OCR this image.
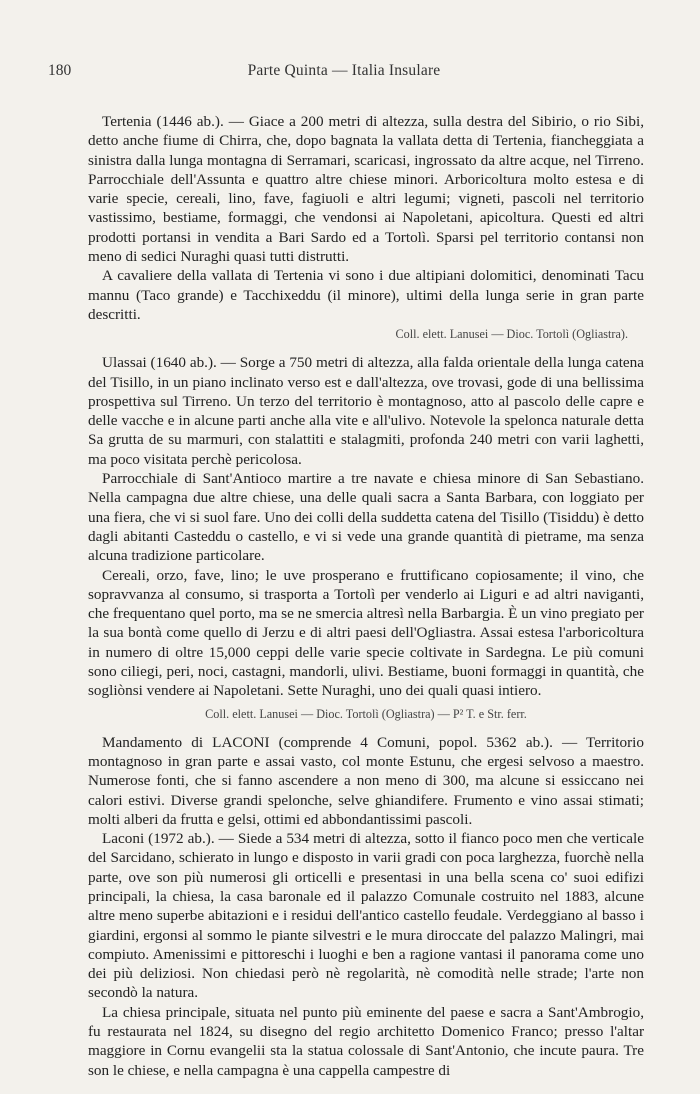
180	Parte Quinta — Italia Insulare

Tertenia (1446 ab.). — Giace a 200 metri di altezza, sulla destra del Sibirio, o rio Sibi, detto anche fiume di Chirra, che, dopo bagnata la vallata detta di Tertenia, fiancheggiata a sinistra dalla lunga montagna di Serramari, scaricasi, ingrossato da altre acque, nel Tirreno. Parrocchiale dell'Assunta e quattro altre chiese minori. Arboricoltura molto estesa e di varie specie, cereali, lino, fave, fagiuoli e altri legumi; vigneti, pascoli nel territorio vastissimo, bestiame, formaggi, che vendonsi ai Napoletani, apicoltura. Questi ed altri prodotti portansi in vendita a Bari Sardo ed a Tortolì. Sparsi pel territorio contansi non meno di sedici Nuraghi quasi tutti distrutti.

A cavaliere della vallata di Tertenia vi sono i due altipiani dolomitici, denominati Tacu mannu (Taco grande) e Tacchixeddu (il minore), ultimi della lunga serie in gran parte descritti.

Coll. elett. Lanusei — Dioc. Tortolì (Ogliastra).

Ulassai (1640 ab.). — Sorge a 750 metri di altezza, alla falda orientale della lunga catena del Tisillo, in un piano inclinato verso est e dall'altezza, ove trovasi, gode di una bellissima prospettiva sul Tirreno. Un terzo del territorio è montagnoso, atto al pascolo delle capre e delle vacche e in alcune parti anche alla vite e all'ulivo. Notevole la spelonca naturale detta Sa grutta de su marmuri, con stalattiti e stalagmiti, profonda 240 metri con varii laghetti, ma poco visitata perchè pericolosa.

Parrocchiale di Sant'Antioco martire a tre navate e chiesa minore di San Sebastiano. Nella campagna due altre chiese, una delle quali sacra a Santa Barbara, con loggiato per una fiera, che vi si suol fare. Uno dei colli della suddetta catena del Tisillo (Tisiddu) è detto dagli abitanti Casteddu o castello, e vi si vede una grande quantità di pietrame, ma senza alcuna tradizione particolare.

Cereali, orzo, fave, lino; le uve prosperano e fruttificano copiosamente; il vino, che sopravvanza al consumo, si trasporta a Tortolì per venderlo ai Liguri e ad altri naviganti, che frequentano quel porto, ma se ne smercia altresì nella Barbargia. È un vino pregiato per la sua bontà come quello di Jerzu e di altri paesi dell'Ogliastra. Assai estesa l'arboricoltura in numero di oltre 15,000 ceppi delle varie specie coltivate in Sardegna. Le più comuni sono ciliegi, peri, noci, castagni, mandorli, ulivi. Bestiame, buoni formaggi in quantità, che sogliònsi vendere ai Napoletani. Sette Nuraghi, uno dei quali quasi intiero.

Coll. elett. Lanusei — Dioc. Tortolì (Ogliastra) — P² T. e Str. ferr.

Mandamento di LACONI (comprende 4 Comuni, popol. 5362 ab.). — Territorio montagnoso in gran parte e assai vasto, col monte Estunu, che ergesi selvoso a maestro. Numerose fonti, che si fanno ascendere a non meno di 300, ma alcune si essiccano nei calori estivi. Diverse grandi spelonche, selve ghiandifere. Frumento e vino assai stimati; molti alberi da frutta e gelsi, ottimi ed abbondantissimi pascoli.

Laconi (1972 ab.). — Siede a 534 metri di altezza, sotto il fianco poco men che verticale del Sarcidano, schierato in lungo e disposto in varii gradi con poca larghezza, fuorchè nella parte, ove son più numerosi gli orticelli e presentasi in una bella scena co' suoi edifizi principali, la chiesa, la casa baronale ed il palazzo Comunale costruito nel 1883, alcune altre meno superbe abitazioni e i residui dell'antico castello feudale. Verdeggiano al basso i giardini, ergonsi al sommo le piante silvestri e le mura diroccate del palazzo Malingri, mai compiuto. Amenissimi e pittoreschi i luoghi e ben a ragione vantasi il panorama come uno dei più deliziosi. Non chiedasi però nè regolarità, nè comodità nelle strade; l'arte non secondò la natura.

La chiesa principale, situata nel punto più eminente del paese e sacra a Sant'Ambrogio, fu restaurata nel 1824, su disegno del regio architetto Domenico Franco; presso l'altar maggiore in Cornu evangelii sta la statua colossale di Sant'Antonio, che incute paura. Tre son le chiese, e nella campagna è una cappella campestre di
